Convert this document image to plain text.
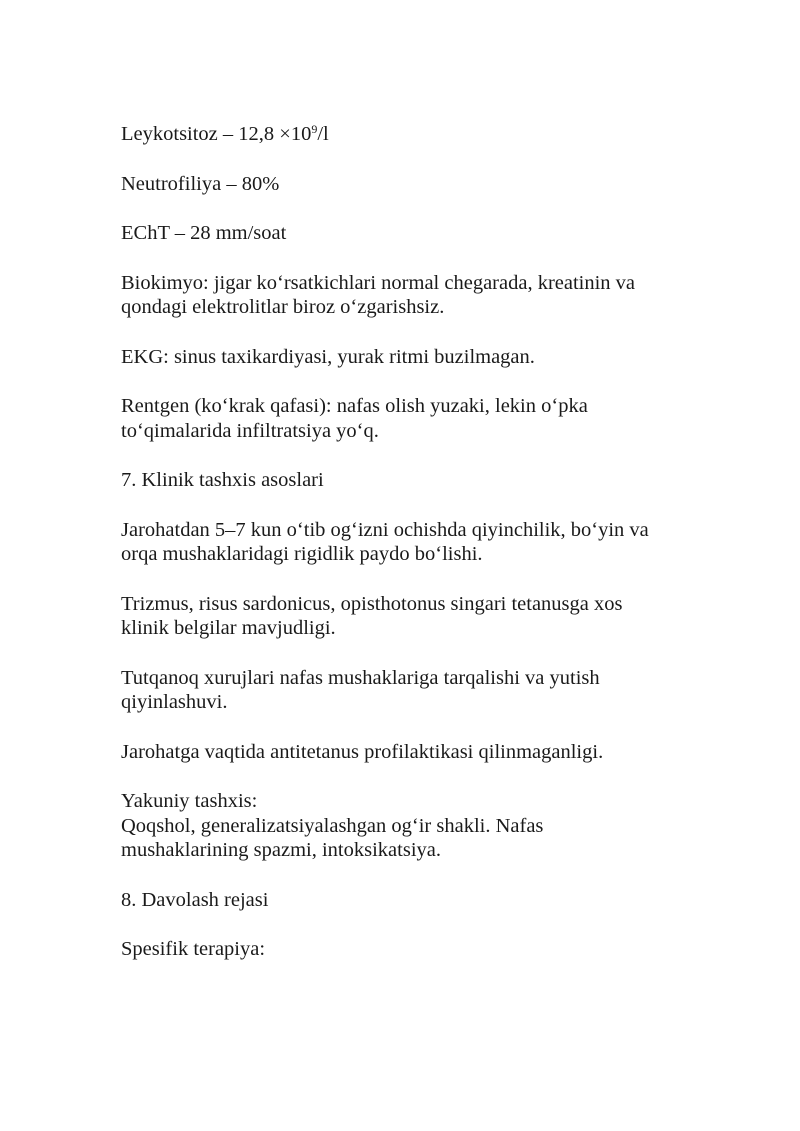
Leykotsitoz – $12,8 \times 10^9/l$

Neutrofiliya – 80%

EChT – 28 mm/soat

Biokimyo: jigar ko‘rsatkichlari normal chegarada, kreatinin va
qondagi elektrolitlar biroz o‘zgarishsiz.

EKG: sinus taxikardiyasi, yurak ritmi buzilmagan.

Rentgen (ko‘krak qafasi): nafas olish yuzaki, lekin o‘pka
to‘qimalarida infiltratsiya yo‘q.

7. Klinik tashxis asoslari

Jarohatdan 5–7 kun o‘tib og‘izni ochishda qiyinchilik, bo‘yin va
orqa mushaklaridagi rigidlik paydo bo‘lishi.

Trizmus, risus sardonicus, opisthotonus singari tetanusga xos
klinik belgilar mavjudligi.

Tutqanoq xurujlari nafas mushaklariga tarqalishi va yutish
qiyinlashuvi.

Jarohatga vaqtida antitetanus profilaktikasi qilinmaganligi.

Yakuniy tashxis:

Qoqshol, generalizatsiyalashgan og‘ir shakli. Nafas
mushaklarining spazmi, intoksikatsiya.

8. Davolash rejasi

Spesifik terapiya:
